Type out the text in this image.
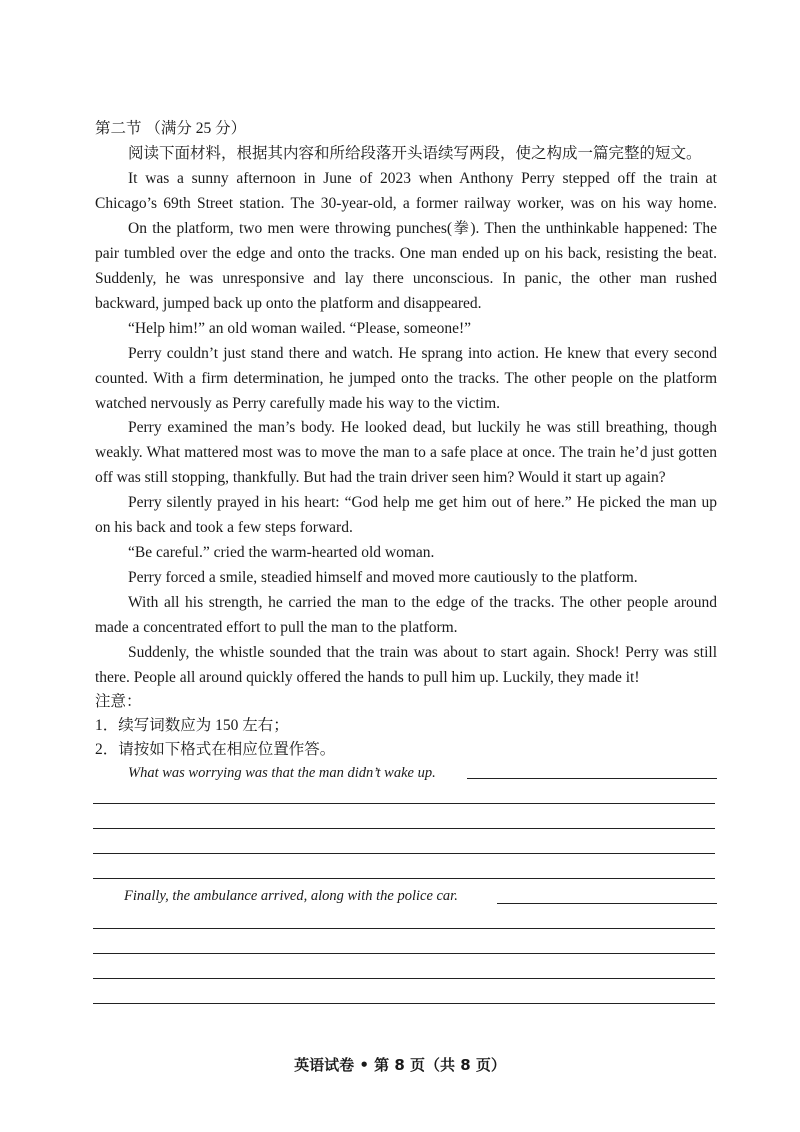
第二节 （满分 25 分）
阅读下面材料，根据其内容和所给段落开头语续写两段，使之构成一篇完整的短文。
It was a sunny afternoon in June of 2023 when Anthony Perry stepped off the train at
Chicago’s 69th Street station. The 30-year-old, a former railway worker, was on his way home.
On the platform, two men were throwing punches(拳). Then the unthinkable happened: The
pair tumbled over the edge and onto the tracks. One man ended up on his back, resisting the beat.
Suddenly, he was unresponsive and lay there unconscious. In panic, the other man rushed
backward, jumped back up onto the platform and disappeared.
“Help him!” an old woman wailed. “Please, someone!”
Perry couldn’t just stand there and watch. He sprang into action. He knew that every second
counted. With a firm determination, he jumped onto the tracks. The other people on the platform
watched nervously as Perry carefully made his way to the victim.
Perry examined the man’s body. He looked dead, but luckily he was still breathing, though
weakly. What mattered most was to move the man to a safe place at once. The train he’d just gotten
off was still stopping, thankfully. But had the train driver seen him? Would it start up again?
Perry silently prayed in his heart: “God help me get him out of here.” He picked the man up
on his back and took a few steps forward.
“Be careful.” cried the warm-hearted old woman.
Perry forced a smile, steadied himself and moved more cautiously to the platform.
With all his strength, he carried the man to the edge of the tracks. The other people around
made a concentrated effort to pull the man to the platform.
Suddenly, the whistle sounded that the train was about to start again. Shock! Perry was still
there. People all around quickly offered the hands to pull him up. Luckily, they made it!
注意：
1．续写词数应为 150 左右；
2．请按如下格式在相应位置作答。
What was worrying was that the man didn’t wake up.
Finally, the ambulance arrived, along with the police car.
英语试卷 • 第 8 页（共 8 页）
